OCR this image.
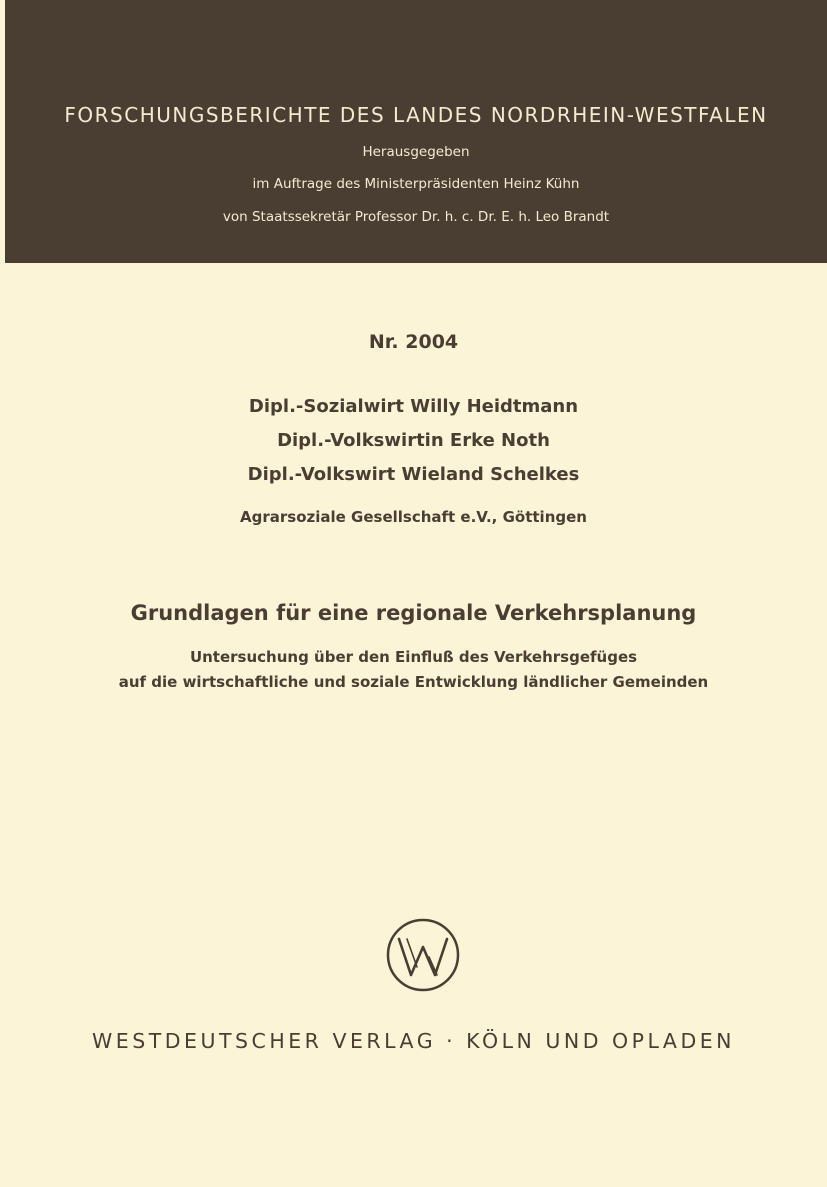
FORSCHUNGSBERICHTE DES LANDES NORDRHEIN-WESTFALEN
Herausgegeben
im Auftrage des Ministerpräsidenten Heinz Kühn
von Staatssekretär Professor Dr. h. c. Dr. E. h. Leo Brandt
Nr. 2004
Dipl.-Sozialwirt Willy Heidtmann
Dipl.-Volkswirtin Erke Noth
Dipl.-Volkswirt Wieland Schelkes
Agrarsoziale Gesellschaft e.V., Göttingen
Grundlagen für eine regionale Verkehrsplanung
Untersuchung über den Einfluß des Verkehrsgefüges
auf die wirtschaftliche und soziale Entwicklung ländlicher Gemeinden
WESTDEUTSCHER VERLAG · KÖLN UND OPLADEN
